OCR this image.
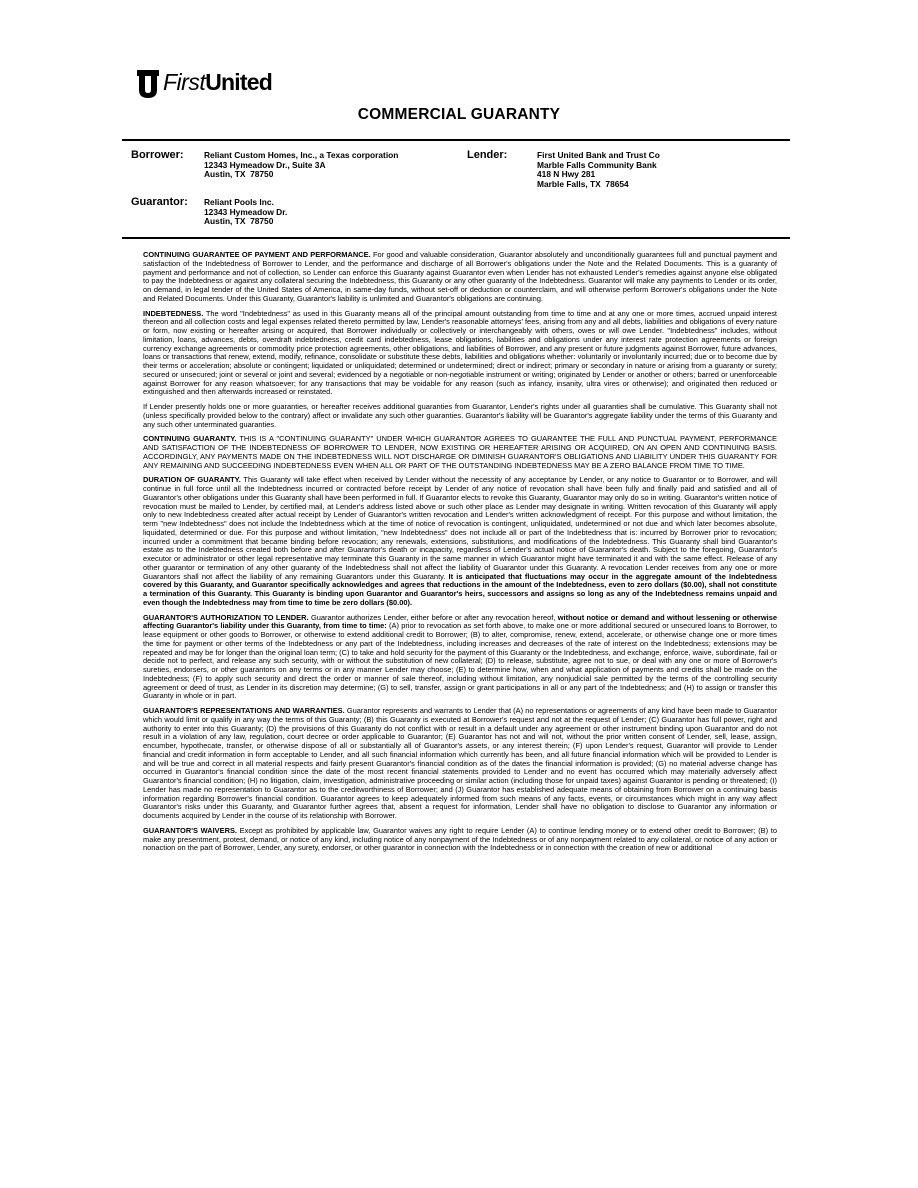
First United
COMMERCIAL GUARANTY
Borrower: Reliant Custom Homes, Inc., a Texas corporation
12343 Hymeadow Dr., Suite 3A
Austin, TX  78750
Lender:	First United Bank and Trust Co
Marble Falls Community Bank
418 N Hwy 281
Marble Falls, TX  78654
Guarantor: Reliant Pools Inc.
12343 Hymeadow Dr.
Austin, TX  78750

CONTINUING GUARANTEE OF PAYMENT AND PERFORMANCE. For good and valuable consideration, Guarantor absolutely and unconditionally guarantees full and punctual payment and satisfaction of the Indebtedness of Borrower to Lender, and the performance and discharge of all Borrower's obligations under the Note and the Related Documents. This is a guaranty of payment and performance and not of collection, so Lender can enforce this Guaranty against Guarantor even when Lender has not exhausted Lender's remedies against anyone else obligated to pay the Indebtedness or against any collateral securing the Indebtedness, this Guaranty or any other guaranty of the Indebtedness. Guarantor will make any payments to Lender or its order, on demand, in legal tender of the United States of America, in same-day funds, without set-off or deduction or counterclaim, and will otherwise perform Borrower's obligations under the Note and Related Documents. Under this Guaranty, Guarantor's liability is unlimited and Guarantor's obligations are continuing.

INDEBTEDNESS. The word "Indebtedness" as used in this Guaranty means all of the principal amount outstanding from time to time and at any one or more times, accrued unpaid interest thereon and all collection costs and legal expenses related thereto permitted by law, Lender's reasonable attorneys' fees, arising from any and all debts, liabilities and obligations of every nature or form, now existing or hereafter arising or acquired, that Borrower individually or collectively or interchangeably with others, owes or will owe Lender. "Indebtedness" includes, without limitation, loans, advances, debts, overdraft indebtedness, credit card indebtedness, lease obligations, liabilities and obligations under any interest rate protection agreements or foreign currency exchange agreements or commodity price protection agreements, other obligations, and liabilities of Borrower, and any present or future judgments against Borrower, future advances, loans or transactions that renew, extend, modify, refinance, consolidate or substitute these debts, liabilities and obligations whether: voluntarily or involuntarily incurred; due or to become due by their terms or acceleration; absolute or contingent; liquidated or unliquidated; determined or undetermined; direct or indirect; primary or secondary in nature or arising from a guaranty or surety; secured or unsecured; joint or several or joint and several; evidenced by a negotiable or non-negotiable instrument or writing; originated by Lender or another or others; barred or unenforceable against Borrower for any reason whatsoever; for any transactions that may be voidable for any reason (such as infancy, insanity, ultra vires or otherwise); and originated then reduced or extinguished and then afterwards increased or reinstated.

If Lender presently holds one or more guaranties, or hereafter receives additional guaranties from Guarantor, Lender's rights under all guaranties shall be cumulative. This Guaranty shall not (unless specifically provided below to the contrary) affect or invalidate any such other guaranties. Guarantor's liability will be Guarantor's aggregate liability under the terms of this Guaranty and any such other unterminated guaranties.

CONTINUING GUARANTY. THIS IS A "CONTINUING GUARANTY" UNDER WHICH GUARANTOR AGREES TO GUARANTEE THE FULL AND PUNCTUAL PAYMENT, PERFORMANCE AND SATISFACTION OF THE INDEBTEDNESS OF BORROWER TO LENDER, NOW EXISTING OR HEREAFTER ARISING OR ACQUIRED, ON AN OPEN AND CONTINUING BASIS. ACCORDINGLY, ANY PAYMENTS MADE ON THE INDEBTEDNESS WILL NOT DISCHARGE OR DIMINISH GUARANTOR'S OBLIGATIONS AND LIABILITY UNDER THIS GUARANTY FOR ANY REMAINING AND SUCCEEDING INDEBTEDNESS EVEN WHEN ALL OR PART OF THE OUTSTANDING INDEBTEDNESS MAY BE A ZERO BALANCE FROM TIME TO TIME.

DURATION OF GUARANTY. This Guaranty will take effect when received by Lender without the necessity of any acceptance by Lender, or any notice to Guarantor or to Borrower, and will continue in full force until all the Indebtedness incurred or contracted before receipt by Lender of any notice of revocation shall have been fully and finally paid and satisfied and all of Guarantor's other obligations under this Guaranty shall have been performed in full. If Guarantor elects to revoke this Guaranty, Guarantor may only do so in writing. Guarantor's written notice of revocation must be mailed to Lender, by certified mail, at Lender's address listed above or such other place as Lender may designate in writing. Written revocation of this Guaranty will apply only to new Indebtedness created after actual receipt by Lender of Guarantor's written revocation and Lender's written acknowledgment of receipt. For this purpose and without limitation, the term "new Indebtedness" does not include the Indebtedness which at the time of notice of revocation is contingent, unliquidated, undetermined or not due and which later becomes absolute, liquidated, determined or due. For this purpose and without limitation, "new Indebtedness" does not include all or part of the Indebtedness that is: incurred by Borrower prior to revocation; incurred under a commitment that became binding before revocation; any renewals, extensions, substitutions, and modifications of the Indebtedness. This Guaranty shall bind Guarantor's estate as to the Indebtedness created both before and after Guarantor's death or incapacity, regardless of Lender's actual notice of Guarantor's death. Subject to the foregoing, Guarantor's executor or administrator or other legal representative may terminate this Guaranty in the same manner in which Guarantor might have terminated it and with the same effect. Release of any other guarantor or termination of any other guaranty of the Indebtedness shall not affect the liability of Guarantor under this Guaranty. A revocation Lender receives from any one or more Guarantors shall not affect the liability of any remaining Guarantors under this Guaranty. It is anticipated that fluctuations may occur in the aggregate amount of the Indebtedness covered by this Guaranty, and Guarantor specifically acknowledges and agrees that reductions in the amount of the Indebtedness, even to zero dollars ($0.00), shall not constitute a termination of this Guaranty. This Guaranty is binding upon Guarantor and Guarantor's heirs, successors and assigns so long as any of the Indebtedness remains unpaid and even though the Indebtedness may from time to time be zero dollars ($0.00).

GUARANTOR'S AUTHORIZATION TO LENDER. Guarantor authorizes Lender, either before or after any revocation hereof, without notice or demand and without lessening or otherwise affecting Guarantor's liability under this Guaranty, from time to time: (A) prior to revocation as set forth above, to make one or more additional secured or unsecured loans to Borrower, to lease equipment or other goods to Borrower, or otherwise to extend additional credit to Borrower; (B) to alter, compromise, renew, extend, accelerate, or otherwise change one or more times the time for payment or other terms of the Indebtedness or any part of the Indebtedness, including increases and decreases of the rate of interest on the Indebtedness; extensions may be repeated and may be for longer than the original loan term; (C) to take and hold security for the payment of this Guaranty or the Indebtedness, and exchange, enforce, waive, subordinate, fail or decide not to perfect, and release any such security, with or without the substitution of new collateral; (D) to release, substitute, agree not to sue, or deal with any one or more of Borrower's sureties, endorsers, or other guarantors on any terms or in any manner Lender may choose; (E) to determine how, when and what application of payments and credits shall be made on the Indebtedness; (F) to apply such security and direct the order or manner of sale thereof, including without limitation, any nonjudicial sale permitted by the terms of the controlling security agreement or deed of trust, as Lender in its discretion may determine; (G) to sell, transfer, assign or grant participations in all or any part of the Indebtedness; and (H) to assign or transfer this Guaranty in whole or in part.

GUARANTOR'S REPRESENTATIONS AND WARRANTIES. Guarantor represents and warrants to Lender that (A) no representations or agreements of any kind have been made to Guarantor which would limit or qualify in any way the terms of this Guaranty; (B) this Guaranty is executed at Borrower's request and not at the request of Lender; (C) Guarantor has full power, right and authority to enter into this Guaranty; (D) the provisions of this Guaranty do not conflict with or result in a default under any agreement or other instrument binding upon Guarantor and do not result in a violation of any law, regulation, court decree or order applicable to Guarantor; (E) Guarantor has not and will not, without the prior written consent of Lender, sell, lease, assign, encumber, hypothecate, transfer, or otherwise dispose of all or substantially all of Guarantor's assets, or any interest therein; (F) upon Lender's request, Guarantor will provide to Lender financial and credit information in form acceptable to Lender, and all such financial information which currently has been, and all future financial information which will be provided to Lender is and will be true and correct in all material respects and fairly present Guarantor's financial condition as of the dates the financial information is provided; (G) no material adverse change has occurred in Guarantor's financial condition since the date of the most recent financial statements provided to Lender and no event has occurred which may materially adversely affect Guarantor's financial condition; (H) no litigation, claim, investigation, administrative proceeding or similar action (including those for unpaid taxes) against Guarantor is pending or threatened; (I) Lender has made no representation to Guarantor as to the creditworthiness of Borrower; and (J) Guarantor has established adequate means of obtaining from Borrower on a continuing basis information regarding Borrower's financial condition. Guarantor agrees to keep adequately informed from such means of any facts, events, or circumstances which might in any way affect Guarantor's risks under this Guaranty, and Guarantor further agrees that, absent a request for information, Lender shall have no obligation to disclose to Guarantor any information or documents acquired by Lender in the course of its relationship with Borrower.

GUARANTOR'S WAIVERS. Except as prohibited by applicable law, Guarantor waives any right to require Lender (A) to continue lending money or to extend other credit to Borrower; (B) to make any presentment, protest, demand, or notice of any kind, including notice of any nonpayment of the Indebtedness or of any nonpayment related to any collateral, or notice of any action or nonaction on the part of Borrower, Lender, any surety, endorser, or other guarantor in connection with the Indebtedness or in connection with the creation of new or additional
